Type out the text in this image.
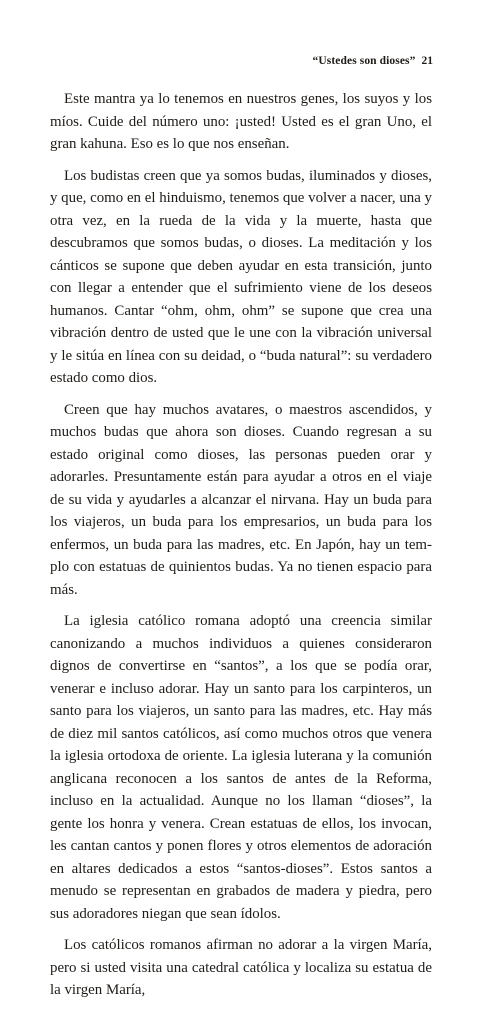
“Ustedes son dioses” 21

Este mantra ya lo tenemos en nuestros genes, los suyos y los míos. Cuide del número uno: ¡usted! Usted es el gran Uno, el gran kahuna. Eso es lo que nos enseñan.

Los budistas creen que ya somos budas, iluminados y dioses, y que, como en el hinduismo, tenemos que volver a nacer, una y otra vez, en la rueda de la vida y la muerte, hasta que descubramos que somos budas, o dioses. La meditación y los cánticos se supone que deben ayudar en esta transición, junto con llegar a entender que el sufrimiento viene de los deseos humanos. Cantar “ohm, ohm, ohm” se supone que crea una vibración dentro de usted que le une con la vibración universal y le sitúa en línea con su deidad, o “buda natural”: su verdadero estado como dios.

Creen que hay muchos avatares, o maestros ascendidos, y muchos budas que ahora son dioses. Cuando regresan a su estado original como dioses, las personas pueden orar y adorarles. Presuntamente están para ayudar a otros en el viaje de su vida y ayudarles a alcanzar el nirvana. Hay un buda para los viajeros, un buda para los empresarios, un buda para los enfermos, un buda para las madres, etc. En Japón, hay un templo con estatuas de quinientos budas. Ya no tienen espacio para más.

La iglesia católico romana adoptó una creencia similar canonizando a muchos individuos a quienes consideraron dignos de convertirse en “santos”, a los que se podía orar, venerar e incluso adorar. Hay un santo para los carpinteros, un santo para los viajeros, un santo para las madres, etc. Hay más de diez mil santos católicos, así como muchos otros que venera la iglesia ortodoxa de oriente. La iglesia luterana y la comunión anglicana reconocen a los santos de antes de la Reforma, incluso en la actualidad. Aunque no los llaman “dioses”, la gente los honra y venera. Crean estatuas de ellos, los invocan, les cantan cantos y ponen flores y otros elementos de adoración en altares dedicados a estos “santos-dioses”. Estos santos a menudo se representan en grabados de madera y piedra, pero sus adoradores niegan que sean ídolos.

Los católicos romanos afirman no adorar a la virgen María, pero si usted visita una catedral católica y localiza su estatua de la virgen María,
